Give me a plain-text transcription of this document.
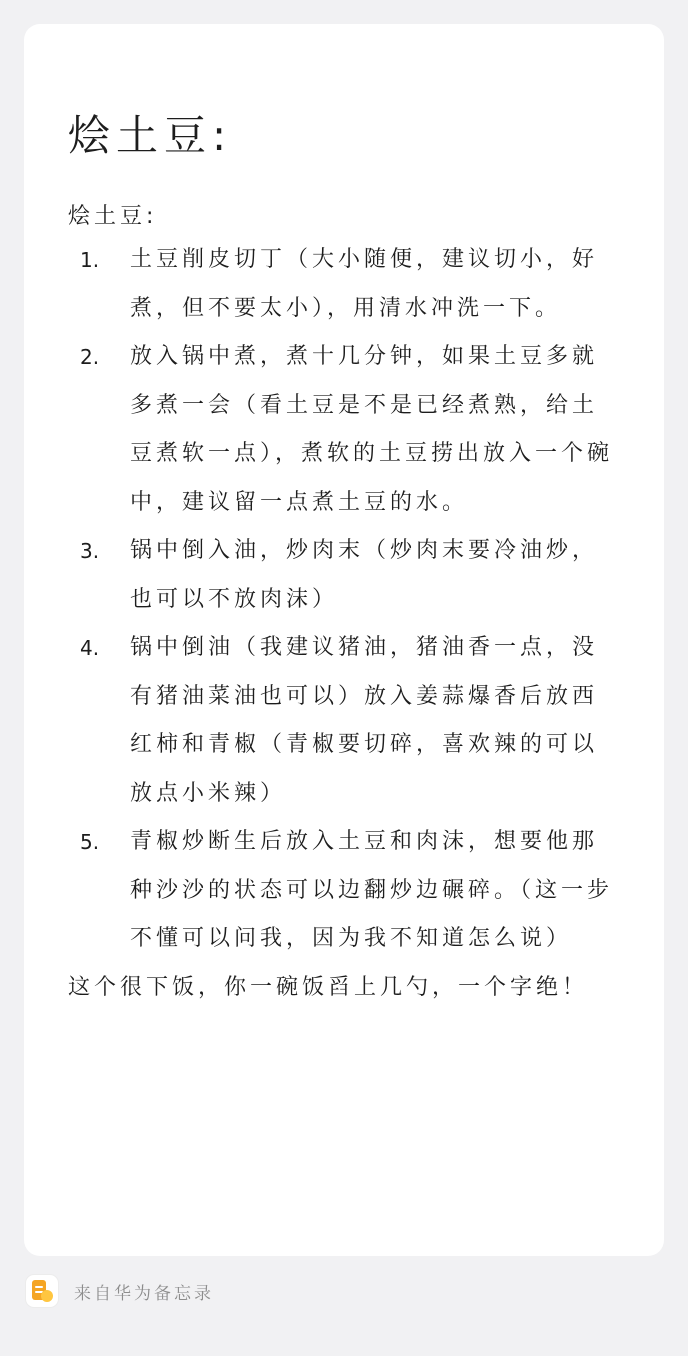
烩土豆:

烩土豆:

1.	土豆削皮切丁（大小随便，建议切小，好煮，但不要太小），用清水冲洗一下。
2.	放入锅中煮，煮十几分钟，如果土豆多就多煮一会（看土豆是不是已经煮熟，给土豆煮软一点），煮软的土豆捞出放入一个碗中，建议留一点煮土豆的水。
3.	锅中倒入油，炒肉末（炒肉末要冷油炒，也可以不放肉沫）
4.	锅中倒油（我建议猪油，猪油香一点，没有猪油菜油也可以）放入姜蒜爆香后放西红柿和青椒（青椒要切碎，喜欢辣的可以放点小米辣）
5.	青椒炒断生后放入土豆和肉沫，想要他那种沙沙的状态可以边翻炒边碾碎。（这一步不懂可以问我，因为我不知道怎么说）

这个很下饭，你一碗饭舀上几勺，一个字绝！

来自华为备忘录
